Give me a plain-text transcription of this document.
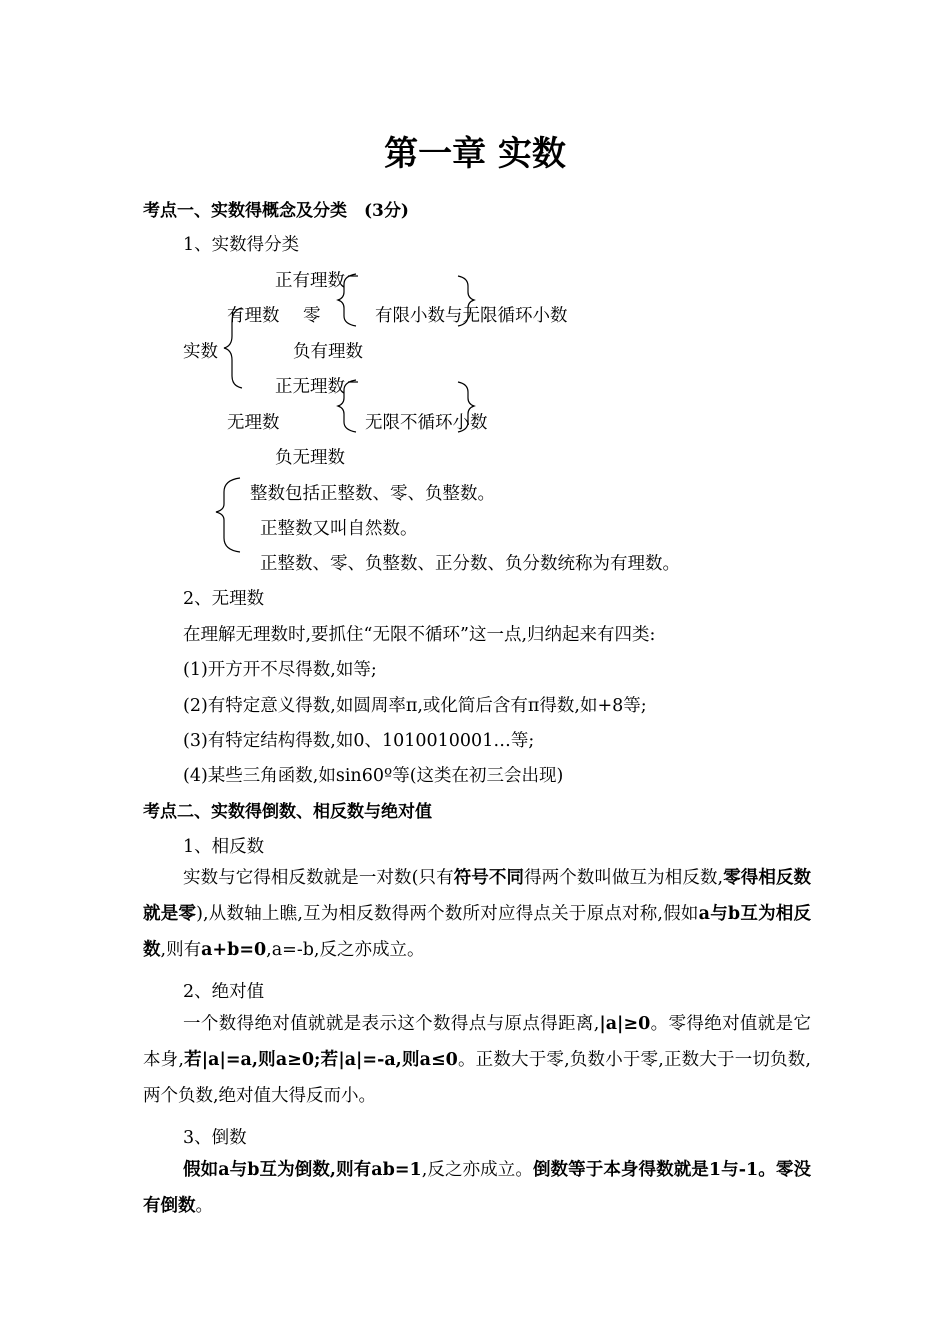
第一章 实数
考点一、实数得概念及分类　(3分)
1、实数得分类
正有理数
有理数 零	有限小数与无限循环小数
实数	负有理数
正无理数
无理数	无限不循环小数
负无理数
整数包括正整数、零、负整数。
正整数又叫自然数。
正整数、零、负整数、正分数、负分数统称为有理数。
2、无理数
在理解无理数时,要抓住“无限不循环”这一点,归纳起来有四类:
(1)开方开不尽得数,如等;
(2)有特定意义得数,如圆周率π,或化简后含有π得数,如+8等;
(3)有特定结构得数,如0、1010010001…等;
(4)某些三角函数,如sin60º等(这类在初三会出现)
考点二、实数得倒数、相反数与绝对值
1、相反数
实数与它得相反数就是一对数(只有符号不同得两个数叫做互为相反数,零得相反数就是零),从数轴上瞧,互为相反数得两个数所对应得点关于原点对称,假如a与b互为相反数,则有a+b=0,a=-b,反之亦成立。
2、绝对值
一个数得绝对值就就是表示这个数得点与原点得距离,|a|≥0。零得绝对值就是它本身,若|a|=a,则a≥0;若|a|=-a,则a≤0。正数大于零,负数小于零,正数大于一切负数,两个负数,绝对值大得反而小。
3、倒数
假如a与b互为倒数,则有ab=1,反之亦成立。倒数等于本身得数就是1与-1。零没有倒数。
